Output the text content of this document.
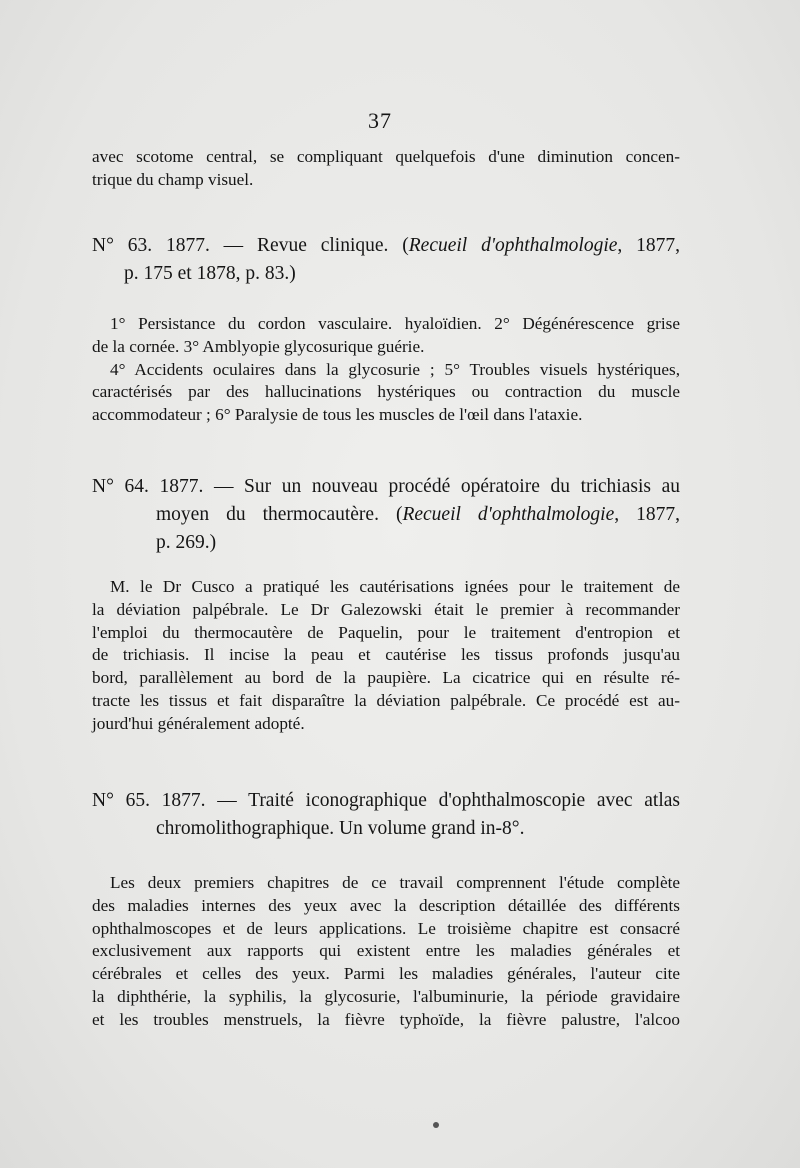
37
avec scotome central, se compliquant quelquefois d'une diminution concen-
trique du champ visuel.
N° 63. 1877. — Revue clinique. (Recueil d'ophthalmologie, 1877,
p. 175 et 1878, p. 83.)
1° Persistance du cordon vasculaire. hyaloïdien. 2° Dégénérescence grise
de la cornée. 3° Amblyopie glycosurique guérie.
4° Accidents oculaires dans la glycosurie ; 5° Troubles visuels hystériques,
caractérisés par des hallucinations hystériques ou contraction du muscle
accommodateur ; 6° Paralysie de tous les muscles de l'œil dans l'ataxie.
N° 64. 1877. — Sur un nouveau procédé opératoire du trichiasis au
moyen du thermocautère. (Recueil d'ophthalmologie, 1877,
p. 269.)
M. le Dr Cusco a pratiqué les cautérisations ignées pour le traitement de
la déviation palpébrale. Le Dr Galezowski était le premier à recommander
l'emploi du thermocautère de Paquelin, pour le traitement d'entropion et
de trichiasis. Il incise la peau et cautérise les tissus profonds jusqu'au
bord, parallèlement au bord de la paupière. La cicatrice qui en résulte ré-
tracte les tissus et fait disparaître la déviation palpébrale. Ce procédé est au-
jourd'hui généralement adopté.
N° 65. 1877. — Traité iconographique d'ophthalmoscopie avec atlas
chromolithographique. Un volume grand in-8°.
Les deux premiers chapitres de ce travail comprennent l'étude complète
des maladies internes des yeux avec la description détaillée des différents
ophthalmoscopes et de leurs applications. Le troisième chapitre est consacré
exclusivement aux rapports qui existent entre les maladies générales et
cérébrales et celles des yeux. Parmi les maladies générales, l'auteur cite
la diphthérie, la syphilis, la glycosurie, l'albuminurie, la période gravidaire
et les troubles menstruels, la fièvre typhoïde, la fièvre palustre, l'alcoo
